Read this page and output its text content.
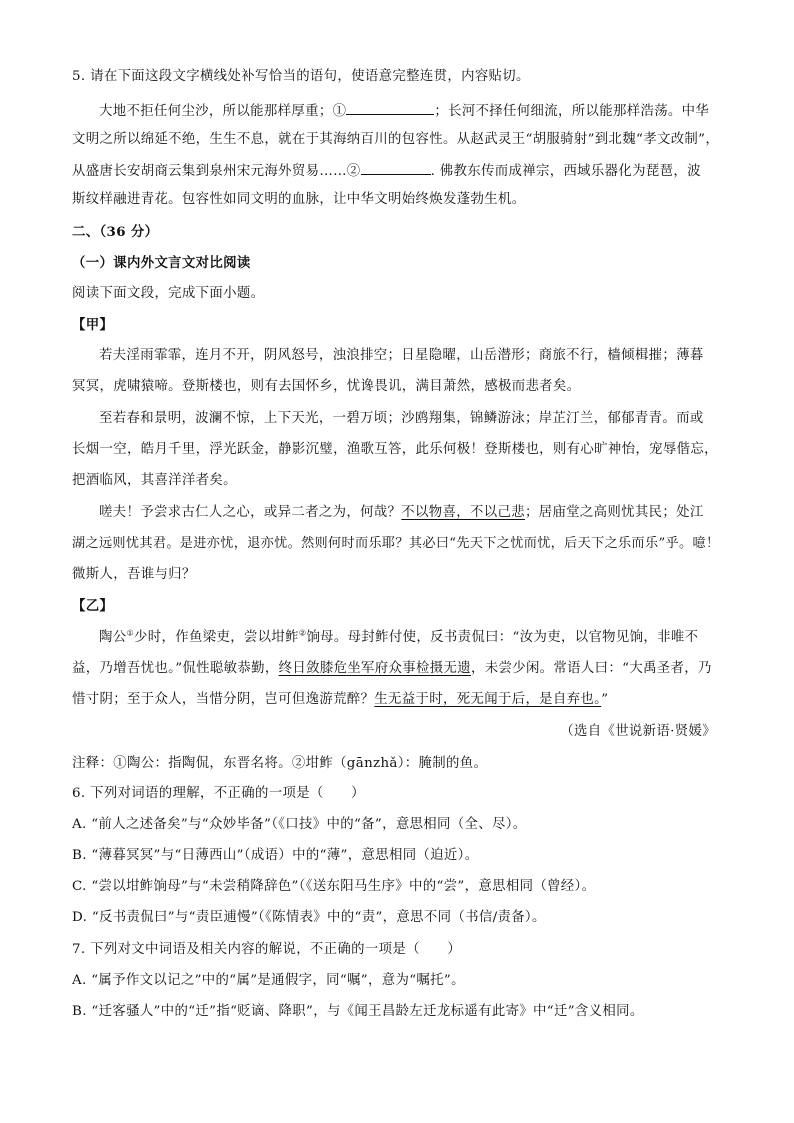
5. 请在下面这段文字横线处补写恰当的语句，使语意完整连贯，内容贴切。
大地不拒任何尘沙，所以能那样厚重；①	；长河不择任何细流，所以能那样浩荡。中华
文明之所以绵延不绝，生生不息，就在于其海纳百川的包容性。从赵武灵王“胡服骑射”到北魏“孝文改制”，
从盛唐长安胡商云集到泉州宋元海外贸易……②	. 佛教东传而成禅宗，西域乐器化为琵琶，波
斯纹样融进青花。包容性如同文明的血脉，让中华文明始终焕发蓬勃生机。
二、（36 分）
（一）课内外文言文对比阅读
阅读下面文段，完成下面小题。
【甲】
若夫淫雨霏霏，连月不开，阴风怒号，浊浪排空；日星隐曜，山岳潜形；商旅不行，樯倾楫摧；薄暮
冥冥，虎啸猿啼。登斯楼也，则有去国怀乡，忧谗畏讥，满目萧然，感极而悲者矣。
至若春和景明，波澜不惊，上下天光，一碧万顷；沙鸥翔集，锦鳞游泳；岸芷汀兰，郁郁青青。而或
长烟一空，皓月千里，浮光跃金，静影沉璧，渔歌互答，此乐何极！登斯楼也，则有心旷神怡，宠辱偕忘，
把酒临风，其喜洋洋者矣。
嗟夫！予尝求古仁人之心，或异二者之为，何哉？不以物喜，不以己悲；居庙堂之高则忧其民；处江
湖之远则忧其君。是进亦忧，退亦忧。然则何时而乐耶？其必曰“先天下之忧而忧，后天下之乐而乐”乎。噫！
微斯人，吾谁与归？
【乙】
陶公①少时，作鱼梁吏，尝以坩鲊②饷母。母封鲊付使，反书责侃曰：“汝为吏，以官物见饷，非唯不
益，乃增吾忧也。”侃性聪敏恭勤，终日敛膝危坐军府众事检摄无遗，未尝少闲。常语人曰：“大禹圣者，乃
惜寸阴；至于众人，当惜分阴，岂可但逸游荒醉？生无益于时，死无闻于后，是自弃也。”
（选自《世说新语·贤媛》
注释：①陶公：指陶侃，东晋名将。②坩鲊（gānzhǎ）：腌制的鱼。
6. 下列对词语的理解，不正确的一项是（　　）
A. “前人之述备矣”与“众妙毕备”（《口技》中的“备”，意思相同（全、尽）。
B. “薄暮冥冥”与“日薄西山”（成语）中的“薄”，意思相同（迫近）。
C. “尝以坩鲊饷母”与“未尝稍降辞色”（《送东阳马生序》中的“尝”，意思相同（曾经）。
D. “反书责侃曰”与“责臣逋慢”（《陈情表》中的“责”，意思不同（书信/责备）。
7. 下列对文中词语及相关内容的解说，不正确的一项是（　　）
A. “属予作文以记之”中的“属”是通假字，同“嘱”，意为“嘱托”。
B. “迁客骚人”中的“迁”指“贬谪、降职”，与《闻王昌龄左迁龙标遥有此寄》中“迁”含义相同。
